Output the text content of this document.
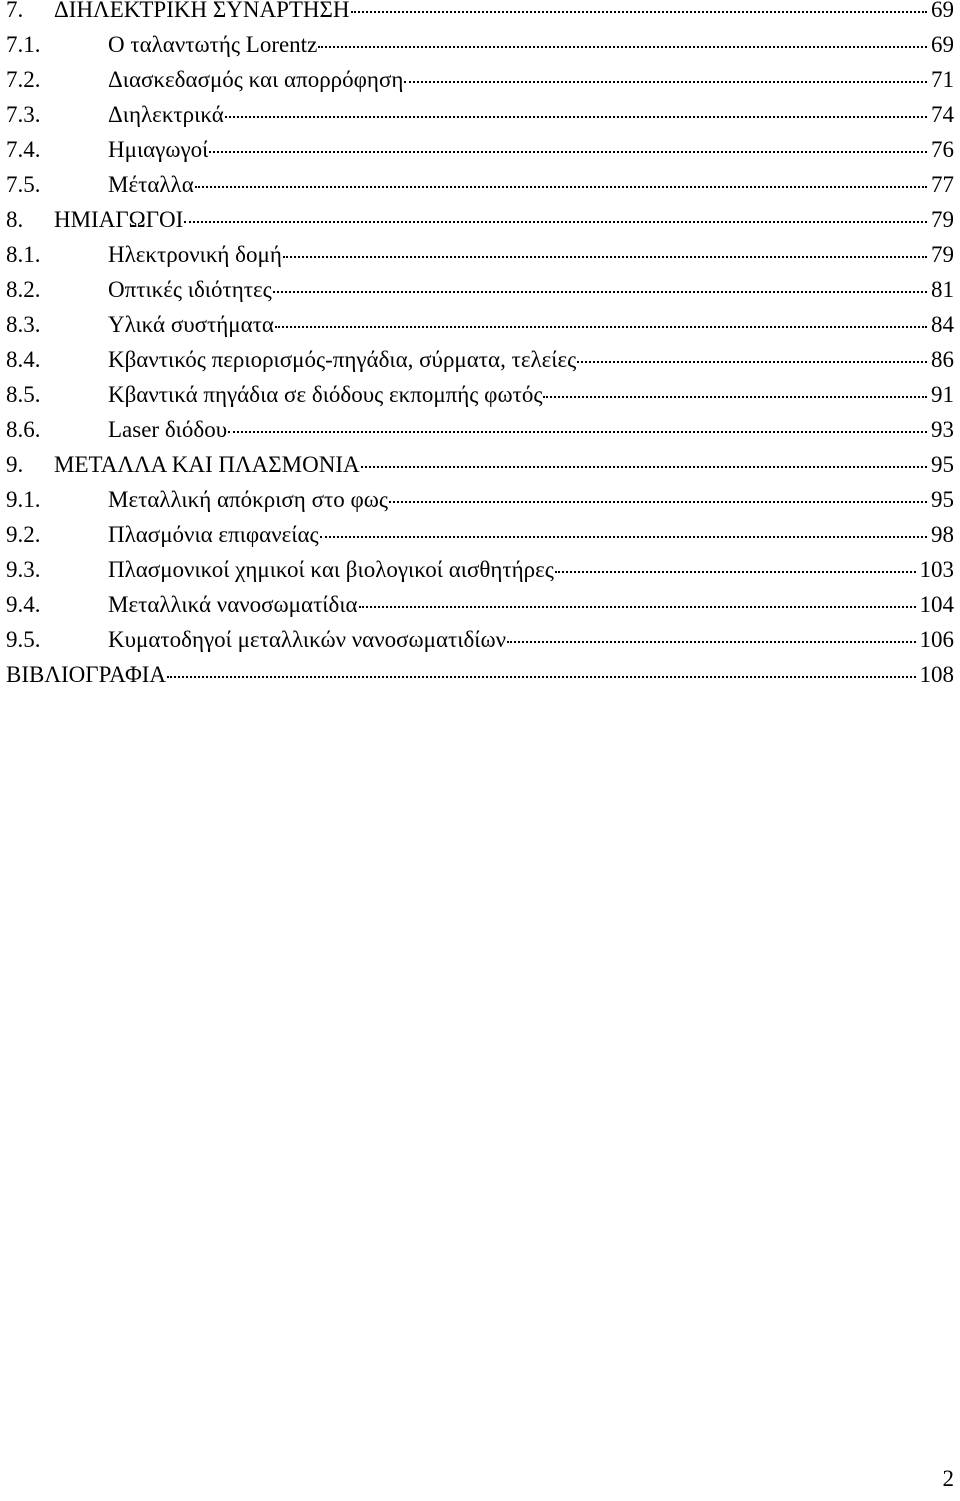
7.	ΔΙΗΛΕΚΤΡΙΚΗ ΣΥΝΑΡΤΗΣΗ	69
7.1.	Ο ταλαντωτής Lorentz	69
7.2.	Διασκεδασμός και απορρόφηση	71
7.3.	Διηλεκτρικά	74
7.4.	Ημιαγωγοί	76
7.5.	Μέταλλα	77
8.	ΗΜΙΑΓΩΓΟΙ	79
8.1.	Ηλεκτρονική δομή	79
8.2.	Οπτικές ιδιότητες	81
8.3.	Υλικά συστήματα	84
8.4.	Κβαντικός περιορισμός-πηγάδια, σύρματα, τελείες	86
8.5.	Κβαντικά πηγάδια σε διόδους εκπομπής φωτός	91
8.6.	Laser διόδου	93
9.	ΜΕΤΑΛΛΑ ΚΑΙ ΠΛΑΣΜΟΝΙΑ	95
9.1.	Μεταλλική απόκριση στο φως	95
9.2.	Πλασμόνια επιφανείας	98
9.3.	Πλασμονικοί χημικοί και βιολογικοί αισθητήρες	103
9.4.	Μεταλλικά νανοσωματίδια	104
9.5.	Κυματοδηγοί μεταλλικών νανοσωματιδίων	106
ΒΙΒΛΙΟΓΡΑΦΙΑ	108
2
